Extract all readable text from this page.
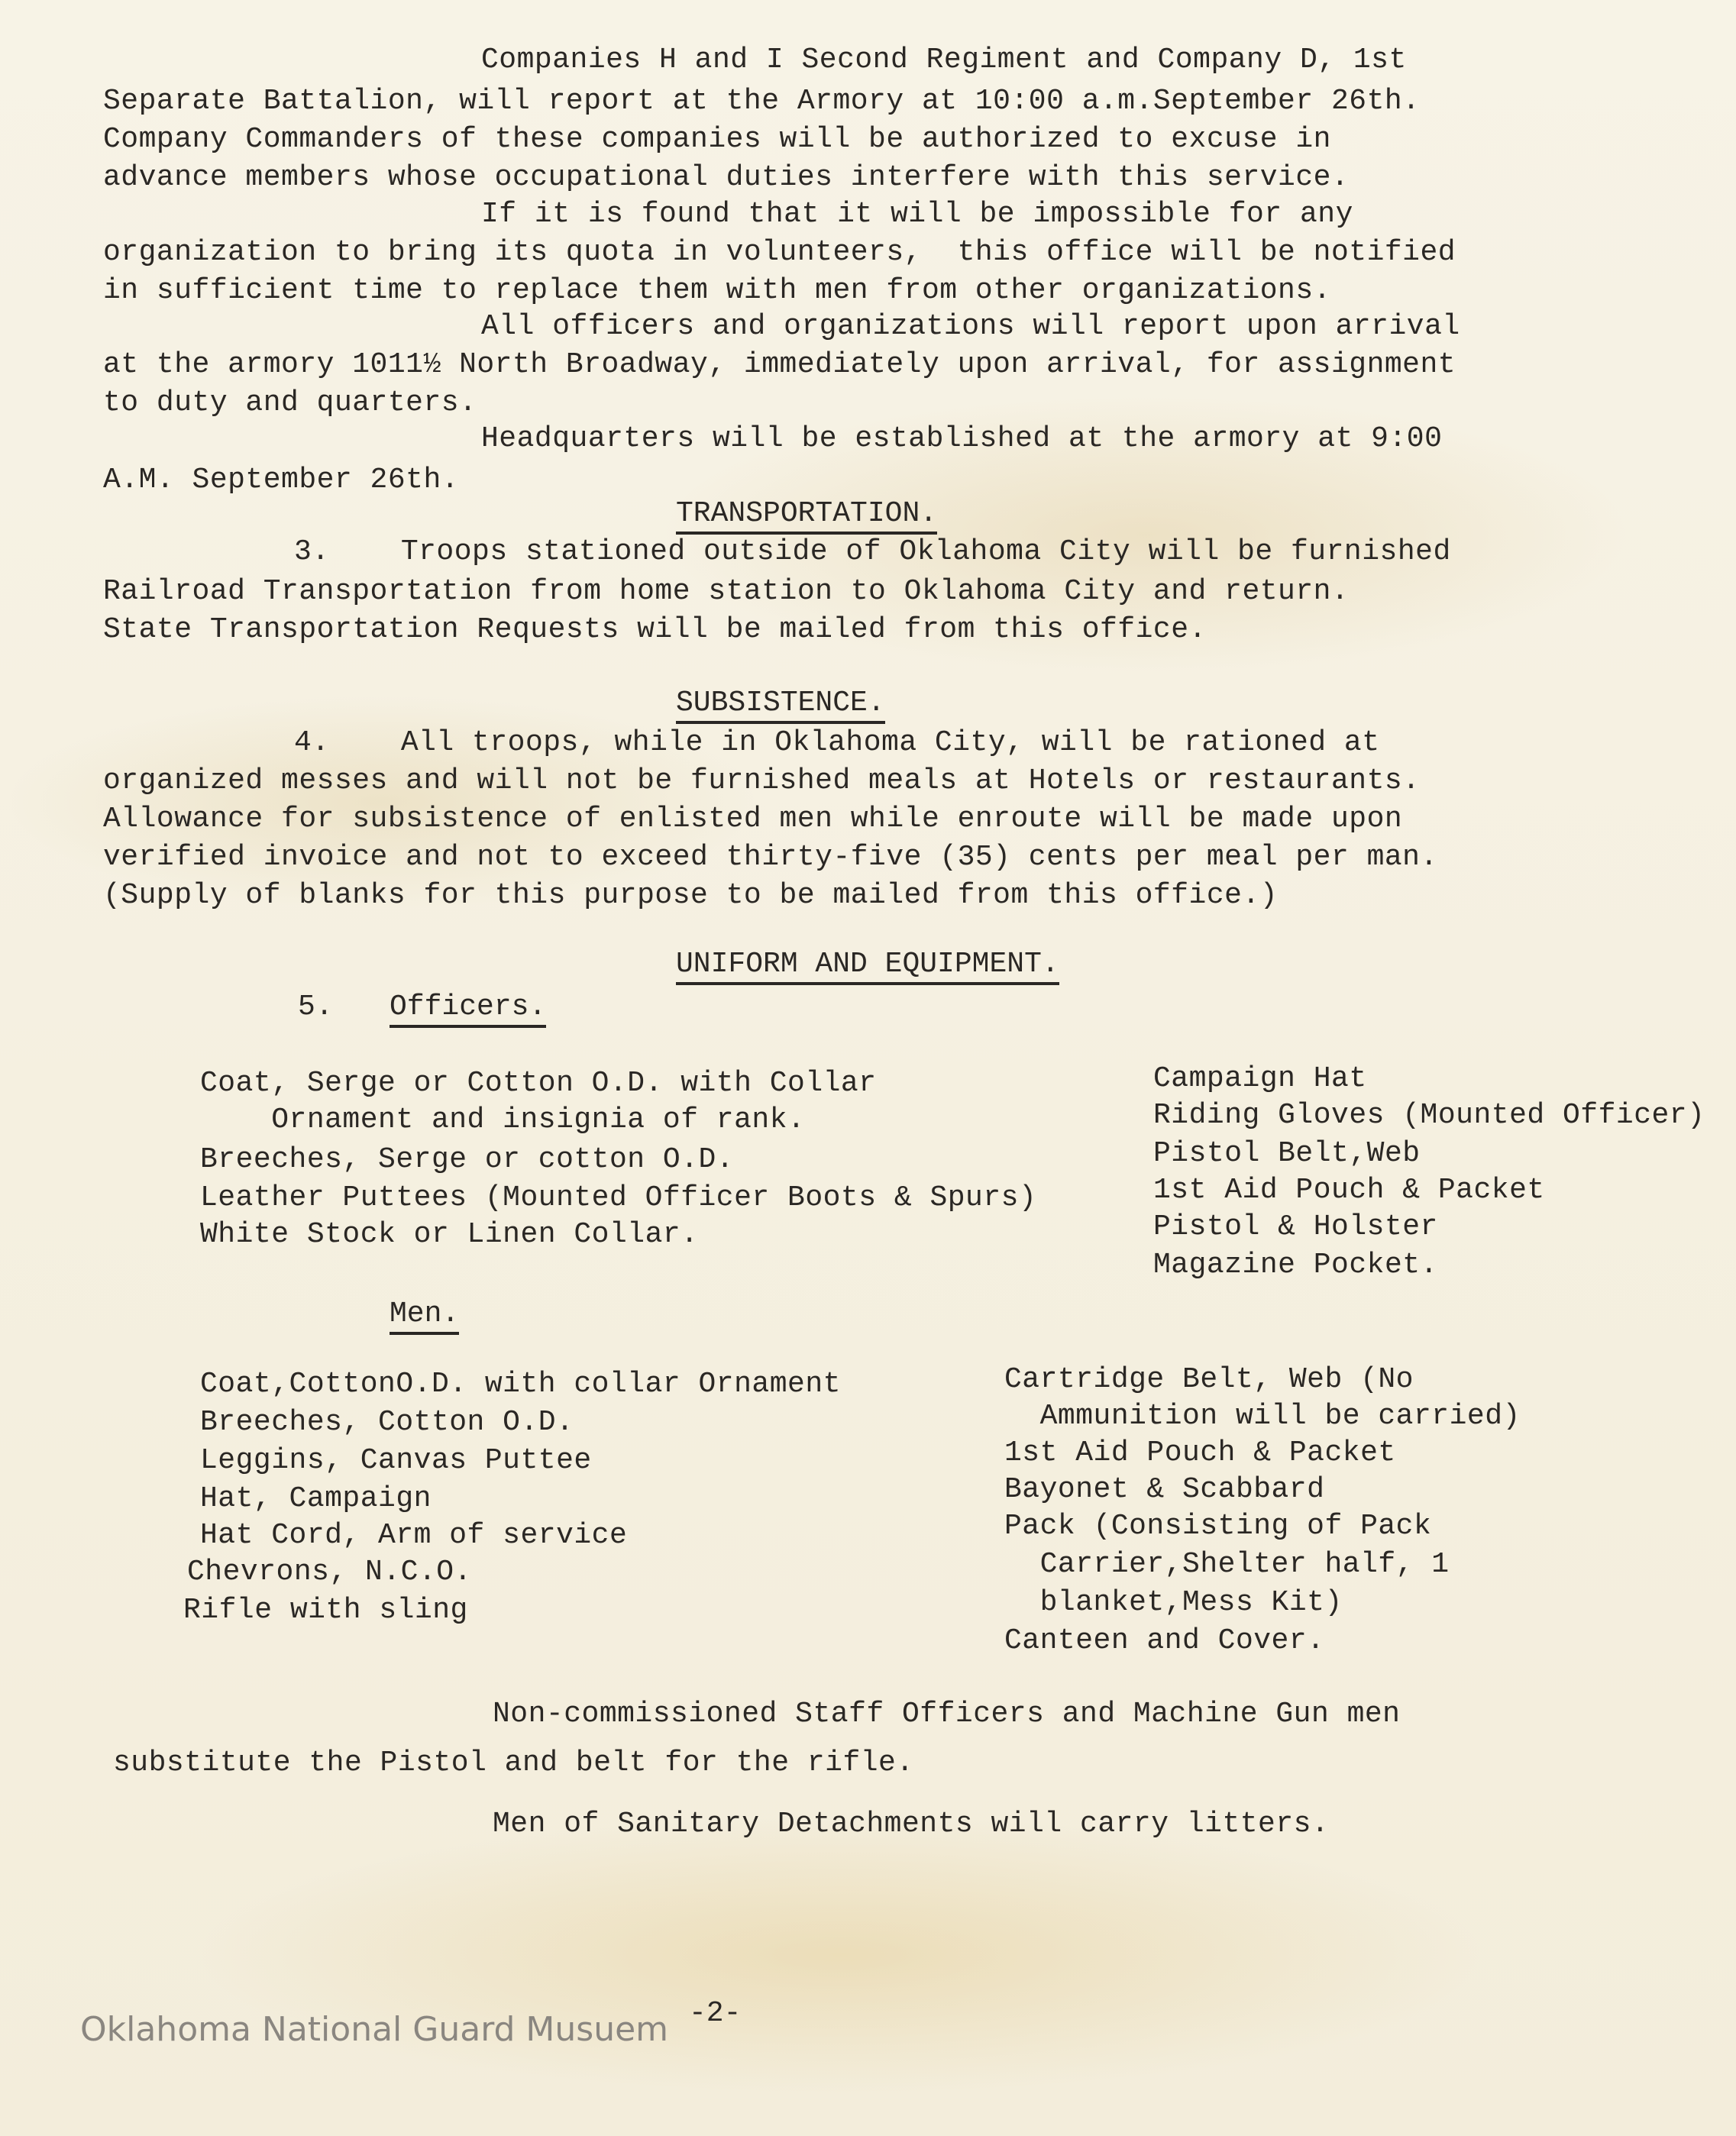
Companies H and I Second Regiment and Company D, 1st
Separate Battalion, will report at the Armory at 10:00 a.m.September 26th.
Company Commanders of these companies will be authorized to excuse in
advance members whose occupational duties interfere with this service.
If it is found that it will be impossible for any
organization to bring its quota in volunteers,  this office will be notified
in sufficient time to replace them with men from other organizations.
All officers and organizations will report upon arrival
at the armory 1011½ North Broadway, immediately upon arrival, for assignment
to duty and quarters.
Headquarters will be established at the armory at 9:00
A.M. September 26th.
TRANSPORTATION.
3.    Troops stationed outside of Oklahoma City will be furnished
Railroad Transportation from home station to Oklahoma City and return.
State Transportation Requests will be mailed from this office.
SUBSISTENCE.
4.    All troops, while in Oklahoma City, will be rationed at
organized messes and will not be furnished meals at Hotels or restaurants.
Allowance for subsistence of enlisted men while enroute will be made upon
verified invoice and not to exceed thirty-five (35) cents per meal per man.
(Supply of blanks for this purpose to be mailed from this office.)
UNIFORM AND EQUIPMENT.
5. Officers.
Coat, Serge or Cotton O.D. with Collar
Ornament and insignia of rank.
Breeches, Serge or cotton O.D.
Leather Puttees (Mounted Officer Boots & Spurs)
White Stock or Linen Collar.
Campaign Hat
Riding Gloves (Mounted Officer)
Pistol Belt,Web
1st Aid Pouch & Packet
Pistol & Holster
Magazine Pocket.
Men.
Coat,CottonO.D. with collar Ornament
Breeches, Cotton O.D.
Leggins, Canvas Puttee
Hat, Campaign
Hat Cord, Arm of service
Chevrons, N.C.O.
Rifle with sling
Cartridge Belt, Web (No
Ammunition will be carried)
1st Aid Pouch & Packet
Bayonet & Scabbard
Pack (Consisting of Pack
Carrier,Shelter half, 1
blanket,Mess Kit)
Canteen and Cover.
Non-commissioned Staff Officers and Machine Gun men
substitute the Pistol and belt for the rifle.
Men of Sanitary Detachments will carry litters.
-2-
Oklahoma National Guard Musuem
